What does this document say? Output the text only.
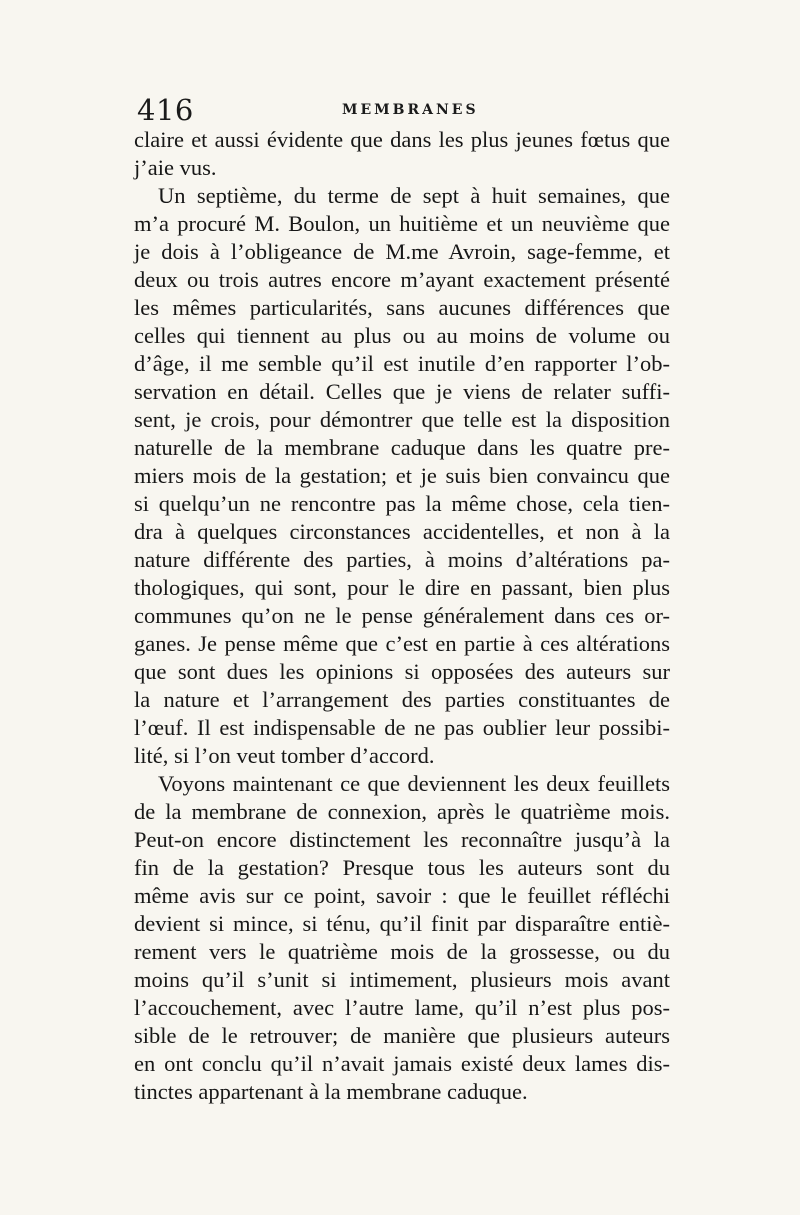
416	MEMBRANES
claire et aussi évidente que dans les plus jeunes fœtus que
j’aie vus.
Un septième, du terme de sept à huit semaines, que
m’a procuré M. Boulon, un huitième et un neuvième que
je dois à l’obligeance de M.me Avroin, sage-femme, et
deux ou trois autres encore m’ayant exactement présenté
les mêmes particularités, sans aucunes différences que
celles qui tiennent au plus ou au moins de volume ou
d’âge, il me semble qu’il est inutile d’en rapporter l’ob-
servation en détail. Celles que je viens de relater suffi-
sent, je crois, pour démontrer que telle est la disposition
naturelle de la membrane caduque dans les quatre pre-
miers mois de la gestation; et je suis bien convaincu que
si quelqu’un ne rencontre pas la même chose, cela tien-
dra à quelques circonstances accidentelles, et non à la
nature différente des parties, à moins d’altérations pa-
thologiques, qui sont, pour le dire en passant, bien plus
communes qu’on ne le pense généralement dans ces or-
ganes. Je pense même que c’est en partie à ces altérations
que sont dues les opinions si opposées des auteurs sur
la nature et l’arrangement des parties constituantes de
l’œuf. Il est indispensable de ne pas oublier leur possibi-
lité, si l’on veut tomber d’accord.
Voyons maintenant ce que deviennent les deux feuillets
de la membrane de connexion, après le quatrième mois.
Peut-on encore distinctement les reconnaître jusqu’à la
fin de la gestation? Presque tous les auteurs sont du
même avis sur ce point, savoir : que le feuillet réfléchi
devient si mince, si ténu, qu’il finit par disparaître entiè-
rement vers le quatrième mois de la grossesse, ou du
moins qu’il s’unit si intimement, plusieurs mois avant
l’accouchement, avec l’autre lame, qu’il n’est plus pos-
sible de le retrouver; de manière que plusieurs auteurs
en ont conclu qu’il n’avait jamais existé deux lames dis-
tinctes appartenant à la membrane caduque.
